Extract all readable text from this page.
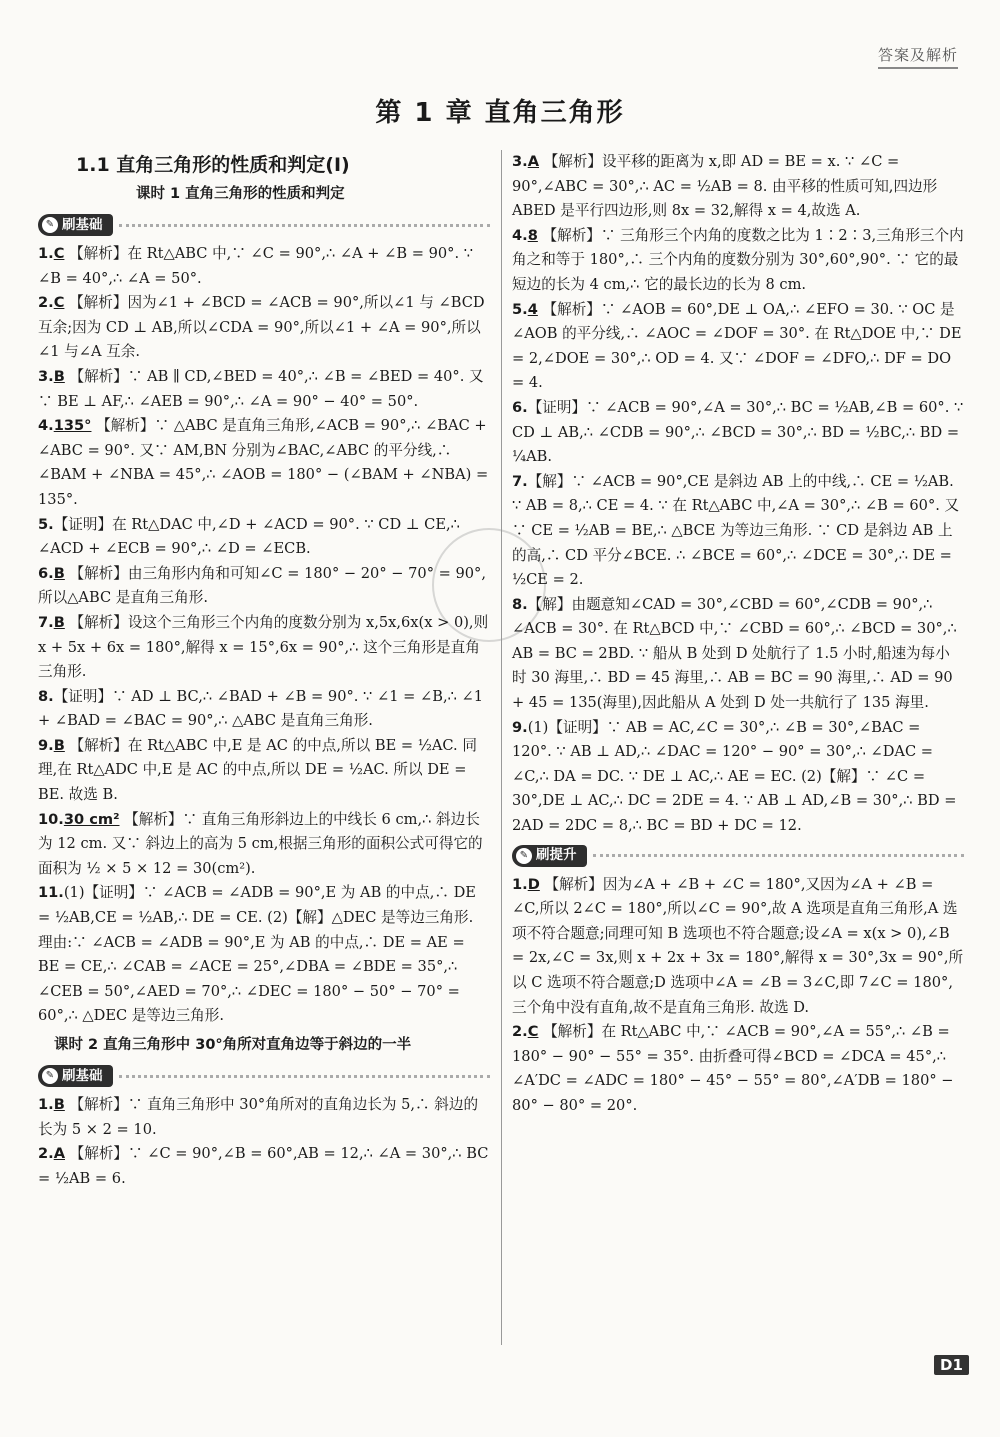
答案及解析
第 1 章 直角三角形
1.1 直角三角形的性质和判定(Ⅰ)
课时 1 直角三角形的性质和判定
✎ 刷基础

1.C 【解析】在 Rt△ABC 中,∵ ∠C = 90°,∴ ∠A + ∠B = 90°. ∵ ∠B = 40°,∴ ∠A = 50°.

2.C 【解析】因为∠1 + ∠BCD = ∠ACB = 90°,所以∠1 与 ∠BCD 互余;因为 CD ⊥ AB,所以∠CDA = 90°,所以∠1 + ∠A = 90°,所以∠1 与∠A 互余.

3.B 【解析】∵ AB ∥ CD,∠BED = 40°,∴ ∠B = ∠BED = 40°. 又∵ BE ⊥ AF,∴ ∠AEB = 90°,∴ ∠A = 90° − 40° = 50°.

4.135° 【解析】∵ △ABC 是直角三角形,∠ACB = 90°,∴ ∠BAC + ∠ABC = 90°. 又∵ AM,BN 分别为∠BAC,∠ABC 的平分线,∴ ∠BAM + ∠NBA = 45°,∴ ∠AOB = 180° − (∠BAM + ∠NBA) = 135°.

5.【证明】在 Rt△DAC 中,∠D + ∠ACD = 90°. ∵ CD ⊥ CE,∴ ∠ACD + ∠ECB = 90°,∴ ∠D = ∠ECB.

6.B 【解析】由三角形内角和可知∠C = 180° − 20° − 70° = 90°,所以△ABC 是直角三角形.

7.B 【解析】设这个三角形三个内角的度数分别为 x,5x,6x(x > 0),则 x + 5x + 6x = 180°,解得 x = 15°,6x = 90°,∴ 这个三角形是直角三角形.

8.【证明】∵ AD ⊥ BC,∴ ∠BAD + ∠B = 90°. ∵ ∠1 = ∠B,∴ ∠1 + ∠BAD = ∠BAC = 90°,∴ △ABC 是直角三角形.

9.B 【解析】在 Rt△ABC 中,E 是 AC 的中点,所以 BE = ½AC. 同理,在 Rt△ADC 中,E 是 AC 的中点,所以 DE = ½AC. 所以 DE = BE. 故选 B.

10.30 cm² 【解析】∵ 直角三角形斜边上的中线长 6 cm,∴ 斜边长为 12 cm. 又∵ 斜边上的高为 5 cm,根据三角形的面积公式可得它的面积为 ½ × 5 × 12 = 30(cm²).

11.(1)【证明】∵ ∠ACB = ∠ADB = 90°,E 为 AB 的中点,∴ DE = ½AB,CE = ½AB,∴ DE = CE. (2)【解】△DEC 是等边三角形. 理由:∵ ∠ACB = ∠ADB = 90°,E 为 AB 的中点,∴ DE = AE = BE = CE,∴ ∠CAB = ∠ACE = 25°,∠DBA = ∠BDE = 35°,∴ ∠CEB = 50°,∠AED = 70°,∴ ∠DEC = 180° − 50° − 70° = 60°,∴ △DEC 是等边三角形.

课时 2 直角三角形中 30°角所对直角边等于斜边的一半
✎ 刷基础

1.B 【解析】∵ 直角三角形中 30°角所对的直角边长为 5,∴ 斜边的长为 5 × 2 = 10.

2.A 【解析】∵ ∠C = 90°,∠B = 60°,AB = 12,∴ ∠A = 30°,∴ BC = ½AB = 6.

3.A 【解析】设平移的距离为 x,即 AD = BE = x. ∵ ∠C = 90°,∠ABC = 30°,∴ AC = ½AB = 8. 由平移的性质可知,四边形 ABED 是平行四边形,则 8x = 32,解得 x = 4,故选 A.

4.8 【解析】∵ 三角形三个内角的度数之比为 1∶2∶3,三角形三个内角之和等于 180°,∴ 三个内角的度数分别为 30°,60°,90°. ∵ 它的最短边的长为 4 cm,∴ 它的最长边的长为 8 cm.

5.4 【解析】∵ ∠AOB = 60°,DE ⊥ OA,∴ ∠EFO = 30. ∵ OC 是∠AOB 的平分线,∴ ∠AOC = ∠DOF = 30°. 在 Rt△DOE 中,∵ DE = 2,∠DOE = 30°,∴ OD = 4. 又∵ ∠DOF = ∠DFO,∴ DF = DO = 4.

6.【证明】∵ ∠ACB = 90°,∠A = 30°,∴ BC = ½AB,∠B = 60°. ∵ CD ⊥ AB,∴ ∠CDB = 90°,∴ ∠BCD = 30°,∴ BD = ½BC,∴ BD = ¼AB.

7.【解】∵ ∠ACB = 90°,CE 是斜边 AB 上的中线,∴ CE = ½AB. ∵ AB = 8,∴ CE = 4. ∵ 在 Rt△ABC 中,∠A = 30°,∴ ∠B = 60°. 又∵ CE = ½AB = BE,∴ △BCE 为等边三角形. ∵ CD 是斜边 AB 上的高,∴ CD 平分∠BCE. ∴ ∠BCE = 60°,∴ ∠DCE = 30°,∴ DE = ½CE = 2.

8.【解】由题意知∠CAD = 30°,∠CBD = 60°,∠CDB = 90°,∴ ∠ACB = 30°. 在 Rt△BCD 中,∵ ∠CBD = 60°,∴ ∠BCD = 30°,∴ AB = BC = 2BD. ∵ 船从 B 处到 D 处航行了 1.5 小时,船速为每小时 30 海里,∴ BD = 45 海里,∴ AB = BC = 90 海里,∴ AD = 90 + 45 = 135(海里),因此船从 A 处到 D 处一共航行了 135 海里.

9.(1)【证明】∵ AB = AC,∠C = 30°,∴ ∠B = 30°,∠BAC = 120°. ∵ AB ⊥ AD,∴ ∠DAC = 120° − 90° = 30°,∴ ∠DAC = ∠C,∴ DA = DC. ∵ DE ⊥ AC,∴ AE = EC. (2)【解】∵ ∠C = 30°,DE ⊥ AC,∴ DC = 2DE = 4. ∵ AB ⊥ AD,∠B = 30°,∴ BD = 2AD = 2DC = 8,∴ BC = BD + DC = 12.

✎ 刷提升

1.D 【解析】因为∠A + ∠B + ∠C = 180°,又因为∠A + ∠B = ∠C,所以 2∠C = 180°,所以∠C = 90°,故 A 选项是直角三角形,A 选项不符合题意;同理可知 B 选项也不符合题意;设∠A = x(x > 0),∠B = 2x,∠C = 3x,则 x + 2x + 3x = 180°,解得 x = 30°,3x = 90°,所以 C 选项不符合题意;D 选项中∠A = ∠B = 3∠C,即 7∠C = 180°,三个角中没有直角,故不是直角三角形. 故选 D.

2.C 【解析】在 Rt△ABC 中,∵ ∠ACB = 90°,∠A = 55°,∴ ∠B = 180° − 90° − 55° = 35°. 由折叠可得∠BCD = ∠DCA = 45°,∴ ∠A′DC = ∠ADC = 180° − 45° − 55° = 80°,∠A′DB = 180° − 80° − 80° = 20°.

D1
